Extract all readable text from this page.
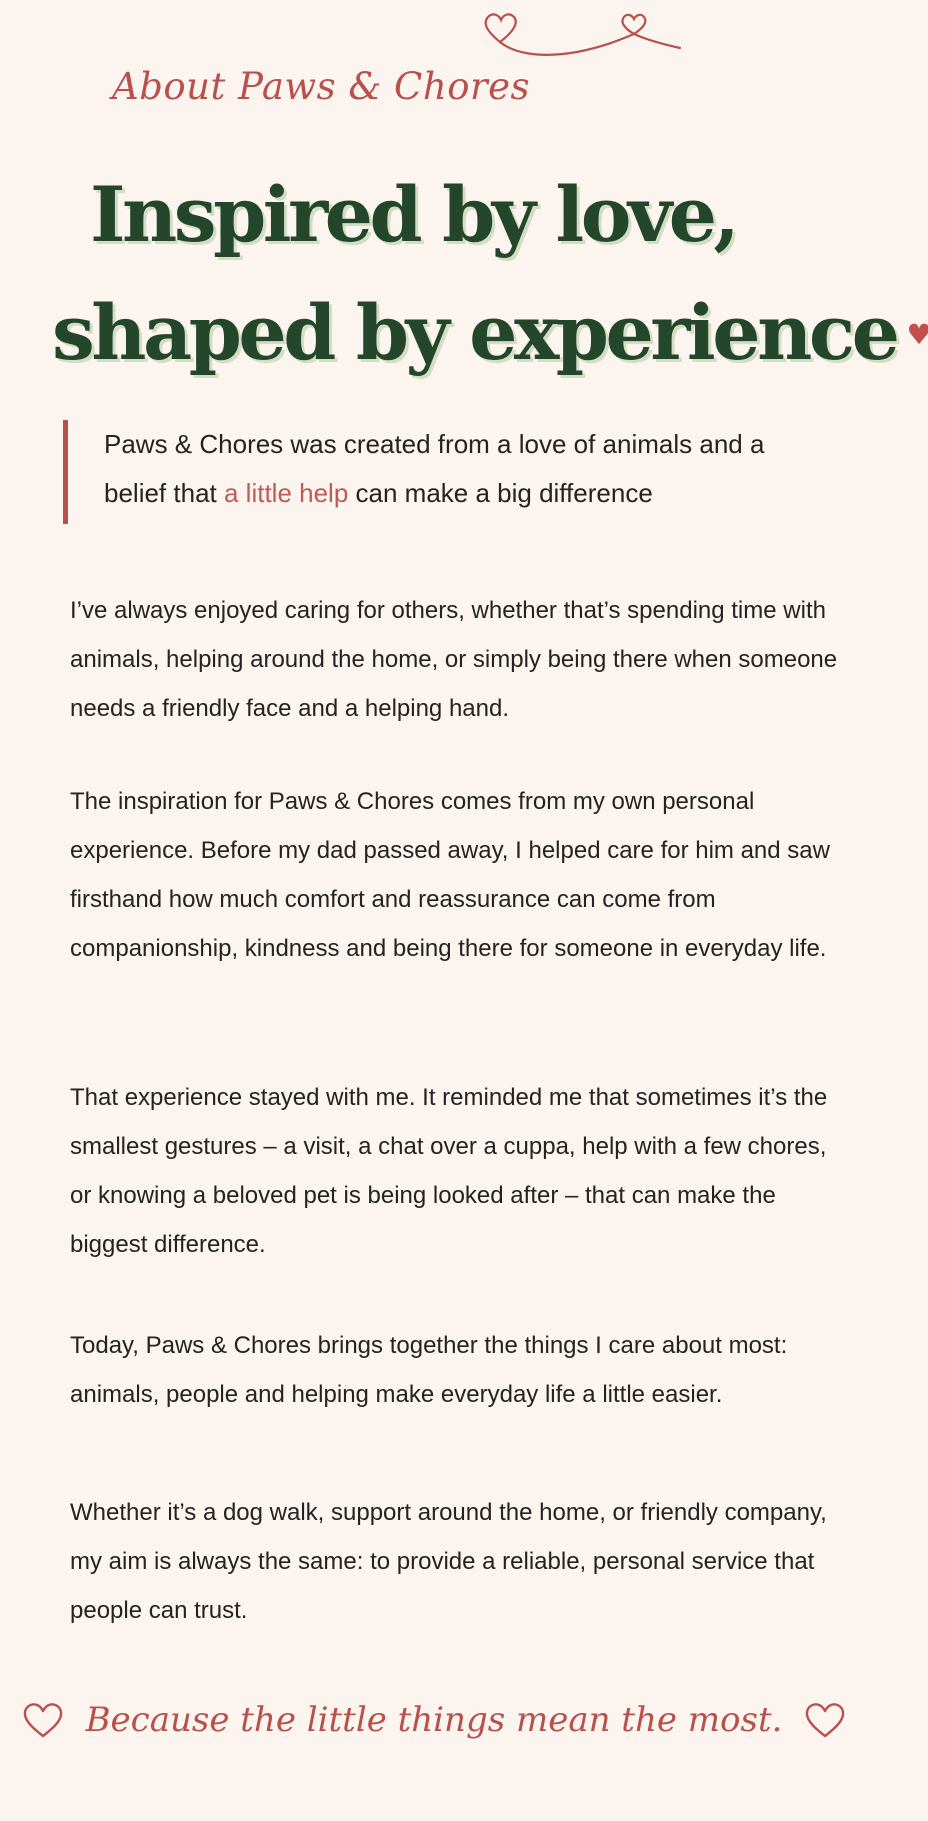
About Paws & Chores
Inspired by love,
shaped by experience ♥

Paws & Chores was created from a love of animals and a belief that a little help can make a big difference

I’ve always enjoyed caring for others, whether that’s spending time with animals, helping around the home, or simply being there when someone needs a friendly face and a helping hand.

The inspiration for Paws & Chores comes from my own personal experience. Before my dad passed away, I helped care for him and saw firsthand how much comfort and reassurance can come from companionship, kindness and being there for someone in everyday life.

That experience stayed with me. It reminded me that sometimes it’s the smallest gestures – a visit, a chat over a cuppa, help with a few chores, or knowing a beloved pet is being looked after – that can make the biggest difference.

Today, Paws & Chores brings together the things I care about most: animals, people and helping make everyday life a little easier.

Whether it’s a dog walk, support around the home, or friendly company, my aim is always the same: to provide a reliable, personal service that people can trust.

Because the little things mean the most.
